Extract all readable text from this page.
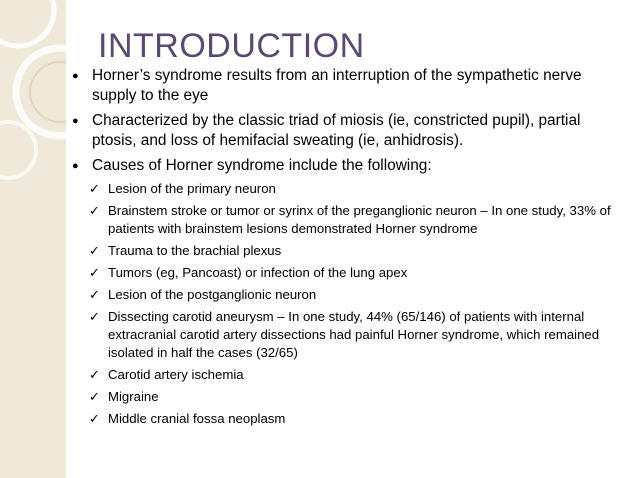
INTRODUCTION
● Horner’s syndrome results from an interruption of the sympathetic nerve supply to the eye
● Characterized by the classic triad of miosis (ie, constricted pupil), partial ptosis, and loss of hemifacial sweating (ie, anhidrosis).
● Causes of Horner syndrome include the following:
✓ Lesion of the primary neuron
✓ Brainstem stroke or tumor or syrinx of the preganglionic neuron – In one study, 33% of patients with brainstem lesions demonstrated Horner syndrome
✓ Trauma to the brachial plexus
✓ Tumors (eg, Pancoast) or infection of the lung apex
✓ Lesion of the postganglionic neuron
✓ Dissecting carotid aneurysm – In one study, 44% (65/146) of patients with internal extracranial carotid artery dissections had painful Horner syndrome, which remained isolated in half the cases (32/65)
✓ Carotid artery ischemia
✓ Migraine
✓ Middle cranial fossa neoplasm
